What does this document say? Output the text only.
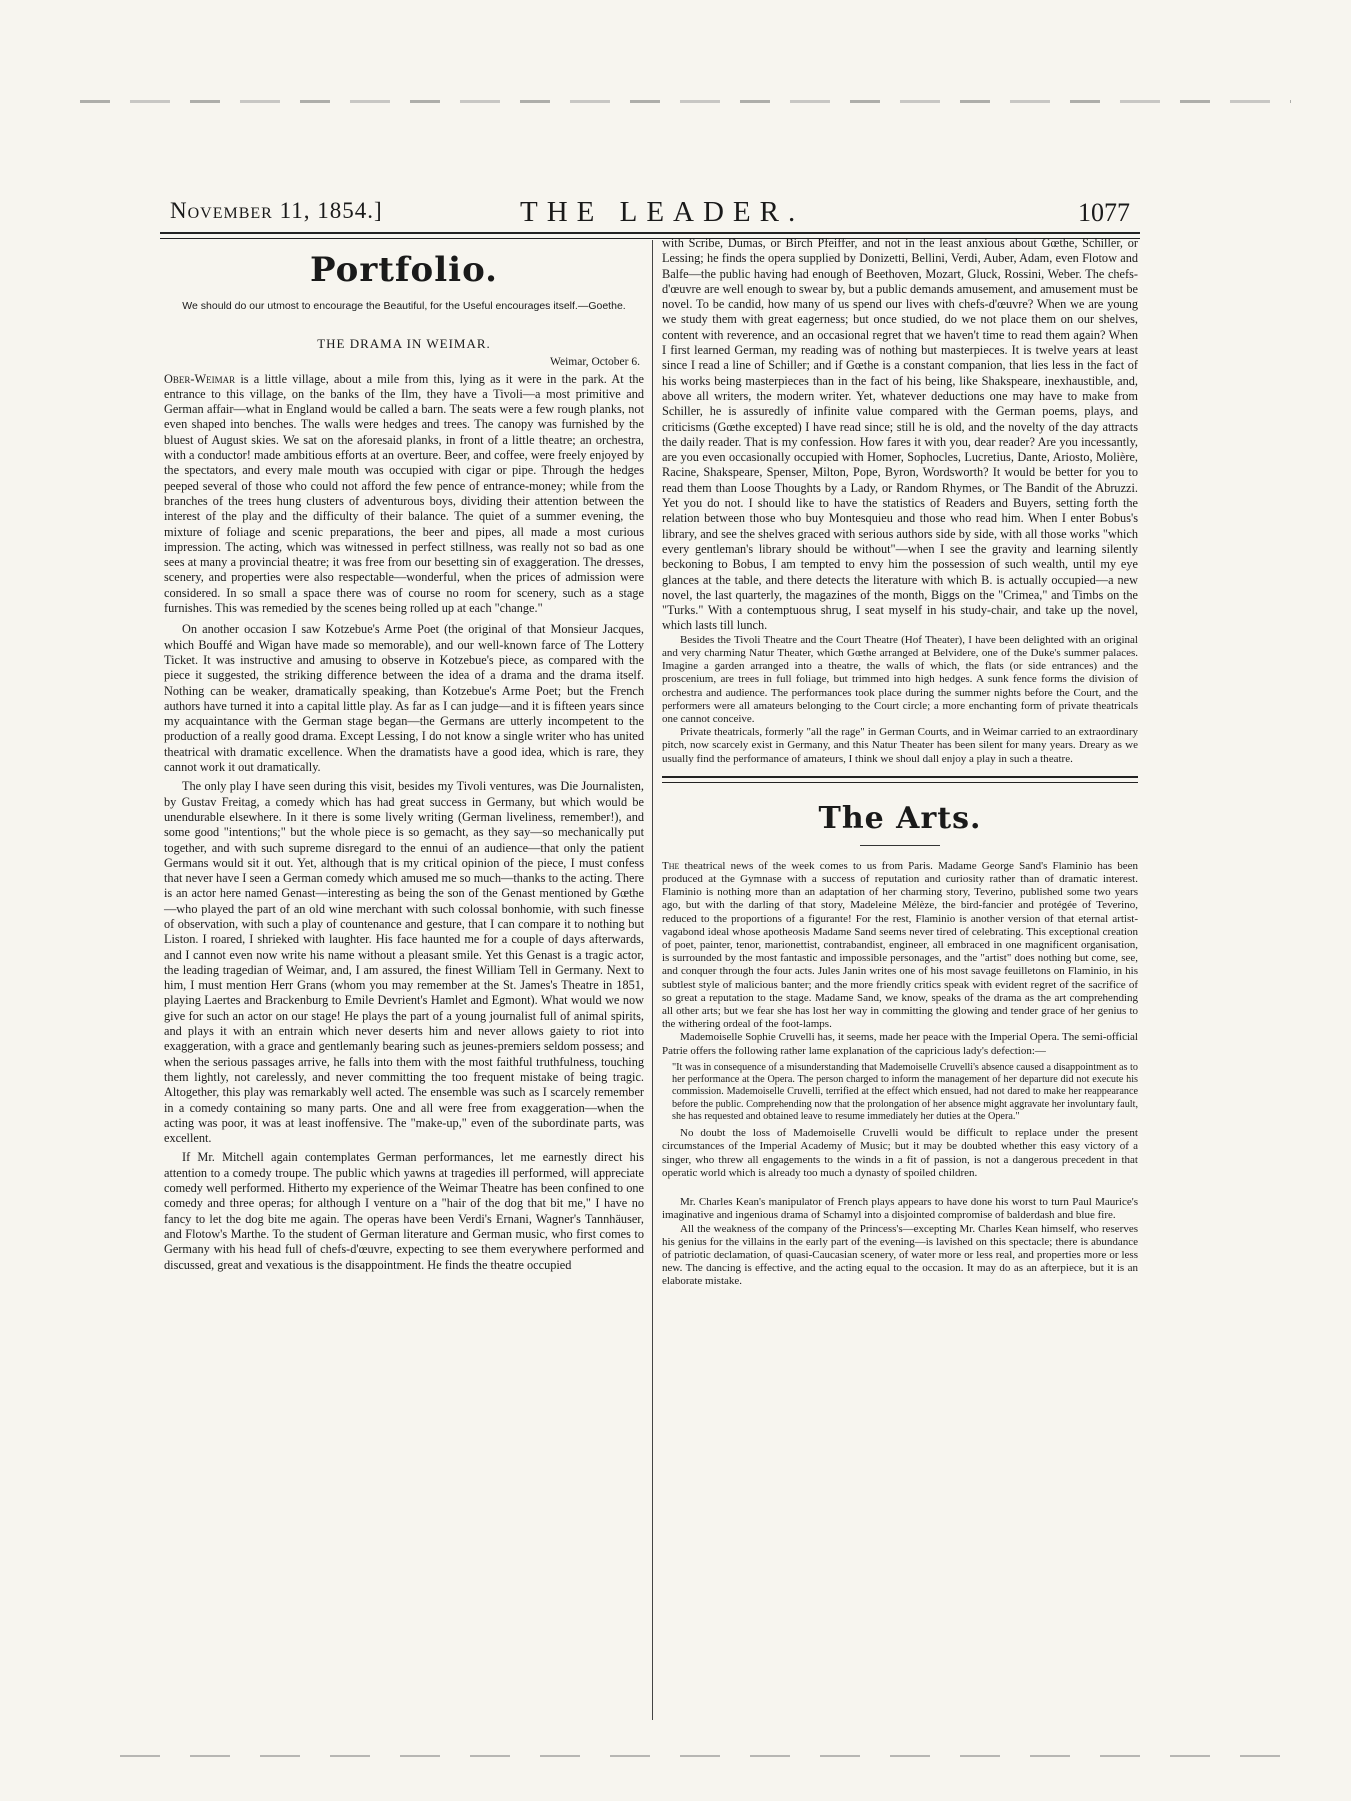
November 11, 1854.]	THE LEADER.	1077
Portfolio.
We should do our utmost to encourage the Beautiful, for the Useful encourages itself.—Goethe.
THE DRAMA IN WEIMAR.
Weimar, October 6.

Ober-Weimar is a little village, about a mile from this, lying as it were in the park. At the entrance to this village, on the banks of the Ilm, they have a Tivoli—a most primitive and German affair—what in England would be called a barn. The seats were a few rough planks, not even shaped into benches. The walls were hedges and trees. The canopy was furnished by the bluest of August skies. We sat on the aforesaid planks, in front of a little theatre; an orchestra, with a conductor! made ambitious efforts at an overture. Beer, and coffee, were freely enjoyed by the spectators, and every male mouth was occupied with cigar or pipe. Through the hedges peeped several of those who could not afford the few pence of entrance-money; while from the branches of the trees hung clusters of adventurous boys, dividing their attention between the interest of the play and the difficulty of their balance. The quiet of a summer evening, the mixture of foliage and scenic preparations, the beer and pipes, all made a most curious impression. The acting, which was witnessed in perfect stillness, was really not so bad as one sees at many a provincial theatre; it was free from our besetting sin of exaggeration. The dresses, scenery, and properties were also respectable—wonderful, when the prices of admission were considered. In so small a space there was of course no room for scenery, such as a stage furnishes. This was remedied by the scenes being rolled up at each "change."

On another occasion I saw Kotzebue's Arme Poet (the original of that Monsieur Jacques, which Bouffé and Wigan have made so memorable), and our well-known farce of The Lottery Ticket. It was instructive and amusing to observe in Kotzebue's piece, as compared with the piece it suggested, the striking difference between the idea of a drama and the drama itself. Nothing can be weaker, dramatically speaking, than Kotzebue's Arme Poet; but the French authors have turned it into a capital little play. As far as I can judge—and it is fifteen years since my acquaintance with the German stage began—the Germans are utterly incompetent to the production of a really good drama. Except Lessing, I do not know a single writer who has united theatrical with dramatic excellence. When the dramatists have a good idea, which is rare, they cannot work it out dramatically.

The only play I have seen during this visit, besides my Tivoli ventures, was Die Journalisten, by Gustav Freitag, a comedy which has had great success in Germany, but which would be unendurable elsewhere. In it there is some lively writing (German liveliness, remember!), and some good "intentions;" but the whole piece is so gemacht, as they say—so mechanically put together, and with such supreme disregard to the ennui of an audience—that only the patient Germans would sit it out. Yet, although that is my critical opinion of the piece, I must confess that never have I seen a German comedy which amused me so much—thanks to the acting. There is an actor here named Genast—interesting as being the son of the Genast mentioned by Gœthe—who played the part of an old wine merchant with such colossal bonhomie, with such finesse of observation, with such a play of countenance and gesture, that I can compare it to nothing but Liston. I roared, I shrieked with laughter. His face haunted me for a couple of days afterwards, and I cannot even now write his name without a pleasant smile. Yet this Genast is a tragic actor, the leading tragedian of Weimar, and, I am assured, the finest William Tell in Germany. Next to him, I must mention Herr Grans (whom you may remember at the St. James's Theatre in 1851, playing Laertes and Brackenburg to Emile Devrient's Hamlet and Egmont). What would we now give for such an actor on our stage! He plays the part of a young journalist full of animal spirits, and plays it with an entrain which never deserts him and never allows gaiety to riot into exaggeration, with a grace and gentlemanly bearing such as jeunes-premiers seldom possess; and when the serious passages arrive, he falls into them with the most faithful truthfulness, touching them lightly, not carelessly, and never committing the too frequent mistake of being tragic. Altogether, this play was remarkably well acted. The ensemble was such as I scarcely remember in a comedy containing so many parts. One and all were free from exaggeration—when the acting was poor, it was at least inoffensive. The "make-up," even of the subordinate parts, was excellent.

If Mr. Mitchell again contemplates German performances, let me earnestly direct his attention to a comedy troupe. The public which yawns at tragedies ill performed, will appreciate comedy well performed. Hitherto my experience of the Weimar Theatre has been confined to one comedy and three operas; for although I venture on a "hair of the dog that bit me," I have no fancy to let the dog bite me again. The operas have been Verdi's Ernani, Wagner's Tannhäuser, and Flotow's Marthe. To the student of German literature and German music, who first comes to Germany with his head full of chefs-d'œuvre, expecting to see them everywhere performed and discussed, great and vexatious is the disappointment. He finds the theatre occupied

with Scribe, Dumas, or Birch Pfeiffer, and not in the least anxious about Gœthe, Schiller, or Lessing; he finds the opera supplied by Donizetti, Bellini, Verdi, Auber, Adam, even Flotow and Balfe—the public having had enough of Beethoven, Mozart, Gluck, Rossini, Weber. The chefs-d'œuvre are well enough to swear by, but a public demands amusement, and amusement must be novel. To be candid, how many of us spend our lives with chefs-d'œuvre? When we are young we study them with great eagerness; but once studied, do we not place them on our shelves, content with reverence, and an occasional regret that we haven't time to read them again? When I first learned German, my reading was of nothing but masterpieces. It is twelve years at least since I read a line of Schiller; and if Gœthe is a constant companion, that lies less in the fact of his works being masterpieces than in the fact of his being, like Shakspeare, inexhaustible, and, above all writers, the modern writer. Yet, whatever deductions one may have to make from Schiller, he is assuredly of infinite value compared with the German poems, plays, and criticisms (Gœthe excepted) I have read since; still he is old, and the novelty of the day attracts the daily reader. That is my confession. How fares it with you, dear reader? Are you incessantly, are you even occasionally occupied with Homer, Sophocles, Lucretius, Dante, Ariosto, Molière, Racine, Shakspeare, Spenser, Milton, Pope, Byron, Wordsworth? It would be better for you to read them than Loose Thoughts by a Lady, or Random Rhymes, or The Bandit of the Abruzzi. Yet you do not. I should like to have the statistics of Readers and Buyers, setting forth the relation between those who buy Montesquieu and those who read him. When I enter Bobus's library, and see the shelves graced with serious authors side by side, with all those works "which every gentleman's library should be without"—when I see the gravity and learning silently beckoning to Bobus, I am tempted to envy him the possession of such wealth, until my eye glances at the table, and there detects the literature with which B. is actually occupied—a new novel, the last quarterly, the magazines of the month, Biggs on the "Crimea," and Timbs on the "Turks." With a contemptuous shrug, I seat myself in his study-chair, and take up the novel, which lasts till lunch.

Besides the Tivoli Theatre and the Court Theatre (Hof Theater), I have been delighted with an original and very charming Natur Theater, which Gœthe arranged at Belvidere, one of the Duke's summer palaces. Imagine a garden arranged into a theatre, the walls of which, the flats (or side entrances) and the proscenium, are trees in full foliage, but trimmed into high hedges. A sunk fence forms the division of orchestra and audience. The performances took place during the summer nights before the Court, and the performers were all amateurs belonging to the Court circle; a more enchanting form of private theatricals one cannot conceive.

Private theatricals, formerly "all the rage" in German Courts, and in Weimar carried to an extraordinary pitch, now scarcely exist in Germany, and this Natur Theater has been silent for many years. Dreary as we usually find the performance of amateurs, I think we shoul dall enjoy a play in such a theatre.

The Arts.

The theatrical news of the week comes to us from Paris. Madame George Sand's Flaminio has been produced at the Gymnase with a success of reputation and curiosity rather than of dramatic interest. Flaminio is nothing more than an adaptation of her charming story, Teverino, published some two years ago, but with the darling of that story, Madeleine Mélèze, the bird-fancier and protégée of Teverino, reduced to the proportions of a figurante! For the rest, Flaminio is another version of that eternal artist-vagabond ideal whose apotheosis Madame Sand seems never tired of celebrating. This exceptional creation of poet, painter, tenor, marionettist, contrabandist, engineer, all embraced in one magnificent organisation, is surrounded by the most fantastic and impossible personages, and the "artist" does nothing but come, see, and conquer through the four acts. Jules Janin writes one of his most savage feuilletons on Flaminio, in his subtlest style of malicious banter; and the more friendly critics speak with evident regret of the sacrifice of so great a reputation to the stage. Madame Sand, we know, speaks of the drama as the art comprehending all other arts; but we fear she has lost her way in committing the glowing and tender grace of her genius to the withering ordeal of the foot-lamps.

Mademoiselle Sophie Cruvelli has, it seems, made her peace with the Imperial Opera. The semi-official Patrie offers the following rather lame explanation of the capricious lady's defection:—

"It was in consequence of a misunderstanding that Mademoiselle Cruvelli's absence caused a disappointment as to her performance at the Opera. The person charged to inform the management of her departure did not execute his commission. Mademoiselle Cruvelli, terrified at the effect which ensued, had not dared to make her reappearance before the public. Comprehending now that the prolongation of her absence might aggravate her involuntary fault, she has requested and obtained leave to resume immediately her duties at the Opera."

No doubt the loss of Mademoiselle Cruvelli would be difficult to replace under the present circumstances of the Imperial Academy of Music; but it may be doubted whether this easy victory of a singer, who threw all engagements to the winds in a fit of passion, is not a dangerous precedent in that operatic world which is already too much a dynasty of spoiled children.

Mr. Charles Kean's manipulator of French plays appears to have done his worst to turn Paul Maurice's imaginative and ingenious drama of Schamyl into a disjointed compromise of balderdash and blue fire.

All the weakness of the company of the Princess's—excepting Mr. Charles Kean himself, who reserves his genius for the villains in the early part of the evening—is lavished on this spectacle; there is abundance of patriotic declamation, of quasi-Caucasian scenery, of water more or less real, and properties more or less new. The dancing is effective, and the acting equal to the occasion. It may do as an afterpiece, but it is an elaborate mistake.
